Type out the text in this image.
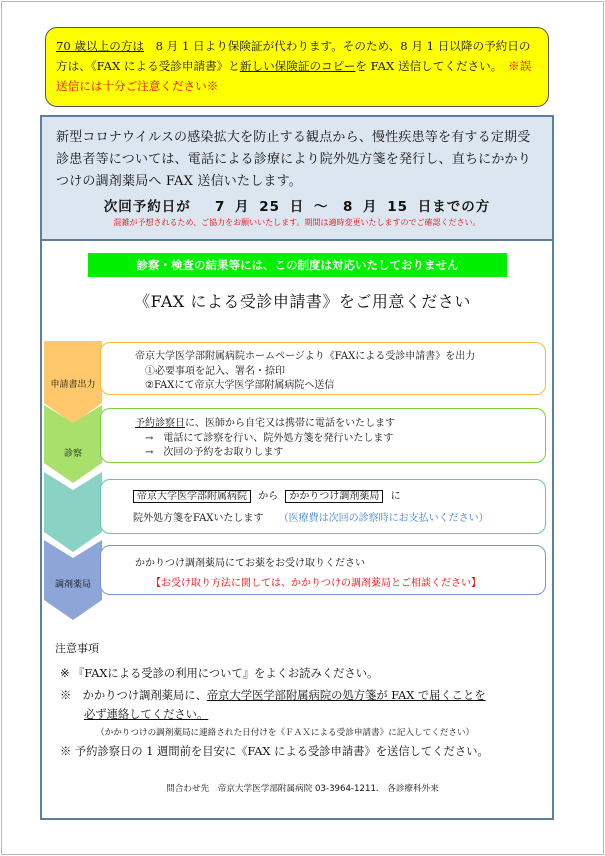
70 歳以上の方は　8 月 1 日より保険証が代わります。そのため、8 月 1 日以降の予約日の方は、《FAX による受診申請書》と新しい保険証のコピーを FAX 送信してください。　※誤送信には十分ご注意ください※
新型コロナウイルスの感染拡大を防止する観点から、慢性疾患等を有する定期受診患者等については、電話による診療により院外処方箋を発行し、直ちにかかりつけの調剤薬局へ FAX 送信いたします。
次回予約日が　 7 月 25 日 ～　8 月 15 日までの方
混雑が予想されるため、ご協力をお願いいたします。期間は適時変更いたしますのでご確認ください。
診察・検査の結果等には、この制度は対応いたしておりません
《FAX による受診申請書》をご用意ください
申請書出力
帝京大学医学部附属病院ホームページより《FAXによる受診申請書》を出力
①必要事項を記入、署名・捺印
②FAXにて帝京大学医学部附属病院へ送信
診察
予約診察日に、医師から自宅又は携帯に電話をいたします
→　電話にて診察を行い、院外処方箋を発行いたします
→　次回の予約をお取りします
帝京大学医学部附属病院 から かかりつけ調剤薬局 に
院外処方箋をFAXいたします （医療費は次回の診察時にお支払いください）
調剤薬局
かかりつけ調剤薬局にてお薬をお受け取りください
【お受け取り方法に関しては、かかりつけの調剤薬局とご相談ください】
注意事項
※ 『FAXによる受診の利用について』をよくお読みください。
※　かかりつけ調剤薬局に、帝京大学医学部附属病院の処方箋が FAX で届くことを
必ず連絡してください。
（かかりつけの調剤薬局に連絡された日付けを《ＦＡＸによる受診申請書》に記入してください）
※ 予約診察日の 1 週間前を目安に《FAX による受診申請書》を送信してください。
問合わせ先　帝京大学医学部附属病院 03-3964-1211.　各診療科外来
